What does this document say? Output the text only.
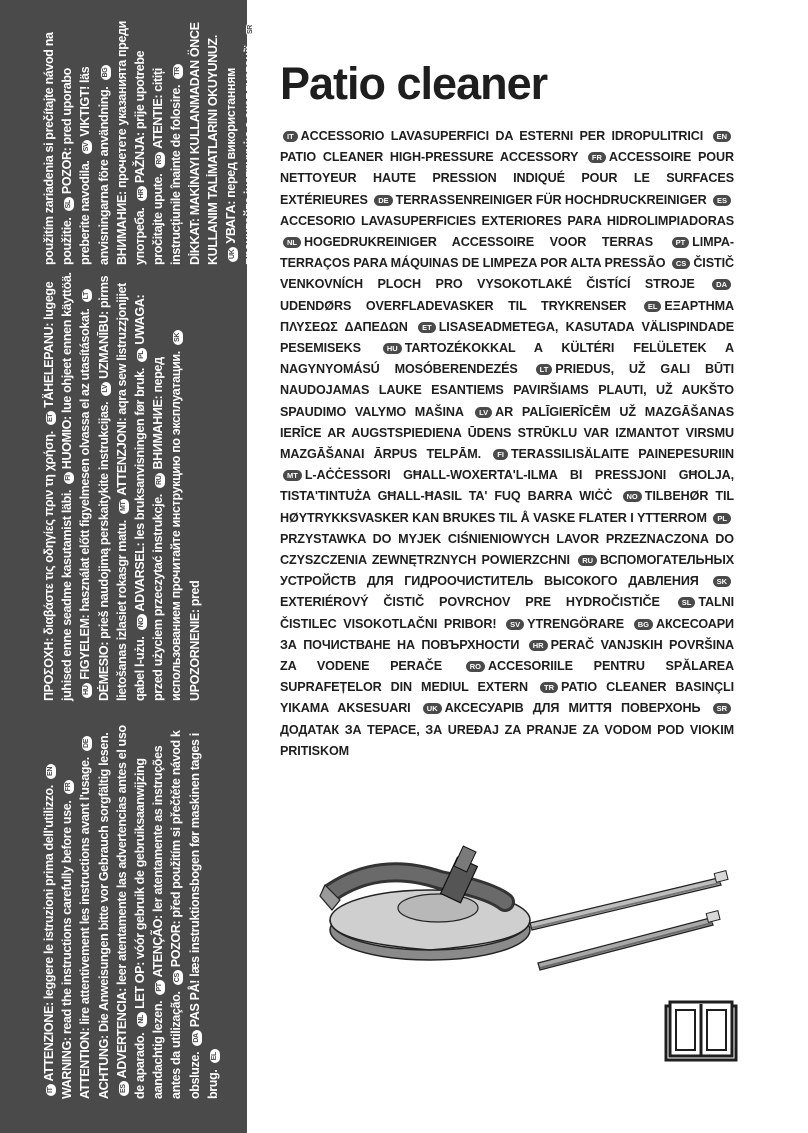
ITATTENZIONE: leggere le istruzioni prima dell'utilizzo. ENWARNING: read the instructions carefully before use. FR ATTENTION: lire attentivement les instructions avant l'usage. DE ACHTUNG: Die Anweisungen bitte vor Gebrauch sorgfältig lesen. ESADVERTENCIA: leer atentamente las advertencias antes el uso de aparado. NLLET OP: vóór gebruik de gebruiksaanwijzing aandachtig lezen. PTATENÇÃO: ler atentamente as instruções antes da utilização. CSPOZOR: před použitím si přečtěte návod k obsluze. DAPAS PÅ! læs instruktionsbogen før maskinen tages i brug. EL
ΠΡΟΣΟΧΗ: διαβάστε τις οδηγίες πριν τη χρήση. ETTÄHELEPANU: lugege juhised enne seadme kasutamist läbi. FIHUOMIO: lue ohjeet ennen käyttöä. HUFIGYELEM: használat előtt figyelmesen olvassa el az utasításokat. LTDĖMESIO: prieš naudojimą perskaitykite instrukcijas. LVUZMANĪBU: pirms lietošanas izlasiet rokasgr matu. MTATTENZJONI: aqra sew listruzzjonijiet qabel l-użu. NOADVARSEL: les bruksanvisningen før bruk. PLUWAGA: przed użyciem przeczytać instrukcje. RUВНИМАНИЕ: перед использованием прочитайте инструкцию по эксплуатации. SKUPOZORNENIE: pred
použitím zariadenia si prečítajte návod na použitie. SLPOZOR: pred uporabo preberite navodila. SVVIKTIGT! läs anvisningarna före användning. BG ВНИМАНИЕ: прочетете указанията преди употреба. HRPAŽNJA: prije upotrebe pročitajte upute. ROATENTIE: citiți instrucțiunile înainte de folosire. TR DİKKAT: MAKİNAYI KULLANMADAN ÖNCE KULLANIM TALİMATLARINI OKUYUNUZ. UKУВАГА: перед використанням прочитайте інструкцію з експлуатації. SRPAŽNJA: pre upotrebe pročitajte uputstva Patio cleaner
IT ACCESSORIO LAVASUPERFICI DA ESTERNI PER IDROPULITRICI ENPATIO CLEANER HIGH-PRESSURE ACCESSORY FR ACCESSOIRE POUR NETTOYEUR HAUTE PRESSION INDIQUÉ POUR LE SURFACES EXTÉRIEURES DE TERRASSENREINIGER FÜR HOCHDRUCKREINIGER ESACCESORIO LAVASUPERFICIES EXTERIORES PARA HIDROLIMPIADORAS NL HOGEDRUKREINIGER ACCESSOIRE VOOR TERRAS	PT LIMPA-TERRAÇOS PARA MÁQUINAS DE LIMPEZA POR ALTA PRESSÃO CS ČISTIČ VENKOVNÍCH PLOCH PRO VYSOKOTLAKÉ ČISTÍCÍ STROJE	DAUDENDØRS OVERFLADEVASKER TIL TRYKRENSER	EL ΕΞΑΡΤΗΜΑ ΠΛΥΣΕΩΣ ΔΑΠΕΔΩΝ ET LISASEADMETEGA, KASUTADA VÄLISPINDADE PESEMISEKS	HU TARTOZÉKOKKAL A KÜLTÉRI FELÜLETEK A NAGYNYOMÁSÚ MOSÓBERENDEZÉS	LT PRIEDUS, UŽ GALI BŪTI NAUDOJAMAS LAUKE ESANTIEMS PAVIRŠIAMS PLAUTI, UŽ AUKŠTO SPAUDIMO VALYMO MAŠINA LV AR PALĪGIERĪCĒM UŽ MAZGĀŠANAS IERĪCE AR AUGSTSPIEDIENA ŪDENS STRŪKLU VAR IZMANTOT VIRSMU MAZGĀŠANAI ĀRPUS TELPĀM. FI TERASSILISÄLAITE PAINEPESURIIN MT L-AĊĊESSORI GĦALL-WOXERTA'L-ILMA BI PRESSJONI GĦOLJA, TISTA'TINTUŻA GĦALL-ĦASIL TA' FUQ BARRA WIĊĊ NO TILBEHØR TIL HØYTRYKKSVASKER KAN BRUKES TIL Å VASKE FLATER I YTTERROM PLPRZYSTAWKA DO MYJEK CIŚNIENIOWYCH LAVOR PRZEZNACZONA DO CZYSZCZENIA ZEWNĘTRZNYCH POWIERZCHNI RU ВСПОМОГАТЕЛЬНЫХ УСТРОЙСТВ ДЛЯ ГИДРООЧИСТИТЕЛЬ ВЫСОКОГО ДАВЛЕНИЯ SKEXTERIÉROVÝ ČISTIČ POVRCHOV PRE HYDROČISTIČE	SL TALNI ČISTILEC VISOKOTLAČNI PRIBOR! SV YTRENGÖRARE BG АКСЕСОАРИ ЗА ПОЧИСТВАНЕ НА ПОВЪРХНОСТИ HR PERAČ VANJSKIH POVRŠINA ZA VODENE PERAČE	RO ACCESORIILE PENTRU SPĂLAREA SUPRAFEȚELOR DIN MEDIUL EXTERN TR PATIO CLEANER BASINÇLI YIKAMA AKSESUARI UK АКСЕСУАРІВ ДЛЯ МИТТЯ ПОВЕРХОНЬ SRДОДАТАК ЗА ТЕРАСЕ, ЗА UREĐAJ ZA PRANJE ZA VODOM POD VIOKIM PRITISKOM
